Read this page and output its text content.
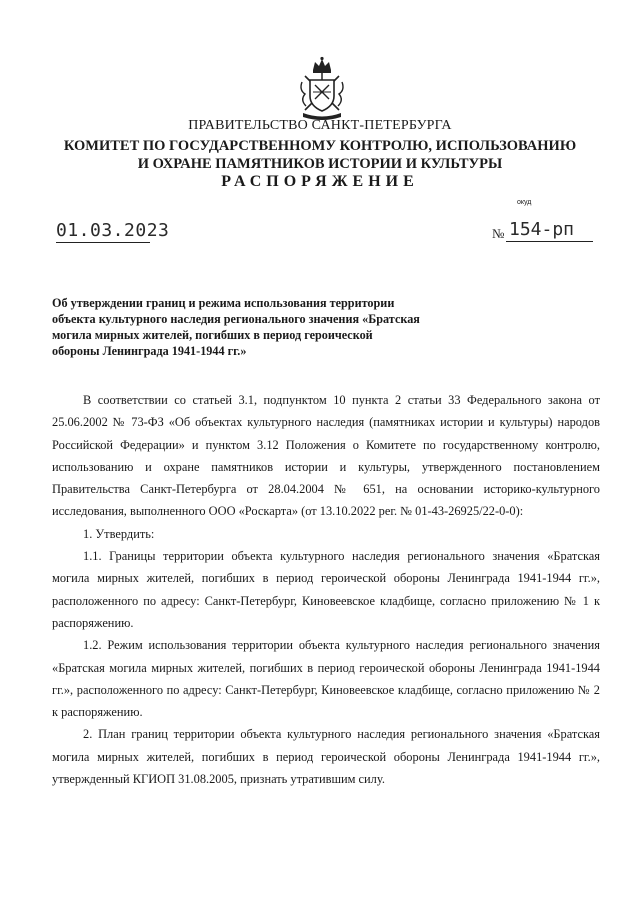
ПРАВИТЕЛЬСТВО САНКТ-ПЕТЕРБУРГА
КОМИТЕТ ПО ГОСУДАРСТВЕННОМУ КОНТРОЛЮ, ИСПОЛЬЗОВАНИЮ
И ОХРАНЕ ПАМЯТНИКОВ ИСТОРИИ И КУЛЬТУРЫ
РАСПОРЯЖЕНИЕ
окуд
01.03.2023	№ 154-рп
Об утверждении границ и режима использования территории объекта культурного наследия регионального значения «Братская могила мирных жителей, погибших в период героической обороны Ленинграда 1941-1944 гг.»

В соответствии со статьей 3.1, подпунктом 10 пункта 2 статьи 33 Федерального закона от 25.06.2002 № 73-ФЗ «Об объектах культурного наследия (памятниках истории и культуры) народов Российской Федерации» и пунктом 3.12 Положения о Комитете по государственному контролю, использованию и охране памятников истории и культуры, утвержденного постановлением Правительства Санкт-Петербурга от 28.04.2004 № 651, на основании историко-культурного исследования, выполненного ООО «Роскарта» (от 13.10.2022 рег. № 01-43-26925/22-0-0):

1. Утвердить:

1.1. Границы территории объекта культурного наследия регионального значения «Братская могила мирных жителей, погибших в период героической обороны Ленинграда 1941-1944 гг.», расположенного по адресу: Санкт-Петербург, Киновеевское кладбище, согласно приложению № 1 к распоряжению.

1.2. Режим использования территории объекта культурного наследия регионального значения «Братская могила мирных жителей, погибших в период героической обороны Ленинграда 1941-1944 гг.», расположенного по адресу: Санкт-Петербург, Киновеевское кладбище, согласно приложению № 2 к распоряжению.

2. План границ территории объекта культурного наследия регионального значения «Братская могила мирных жителей, погибших в период героической обороны Ленинграда 1941-1944 гг.», утвержденный КГИОП 31.08.2005, признать утратившим силу.
